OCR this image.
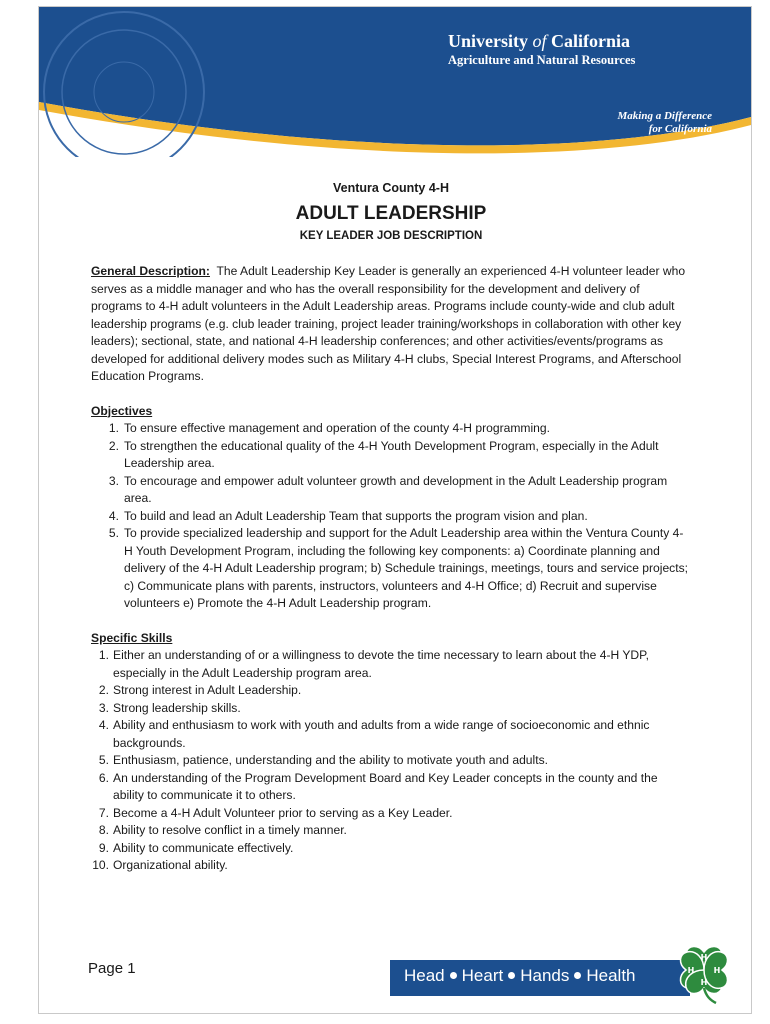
University of California
Agriculture and Natural Resources
Making a Difference
for California
Ventura County 4-H
ADULT LEADERSHIP
KEY LEADER JOB DESCRIPTION
General Description: The Adult Leadership Key Leader is generally an experienced 4-H volunteer leader who serves as a middle manager and who has the overall responsibility for the development and delivery of programs to 4-H adult volunteers in the Adult Leadership areas. Programs include county-wide and club adult leadership programs (e.g. club leader training, project leader training/workshops in collaboration with other key leaders); sectional, state, and national 4-H leadership conferences; and other activities/events/programs as developed for additional delivery modes such as Military 4-H clubs, Special Interest Programs, and Afterschool Education Programs.
Objectives
1. To ensure effective management and operation of the county 4-H programming.
2. To strengthen the educational quality of the 4-H Youth Development Program, especially in the Adult Leadership area.
3. To encourage and empower adult volunteer growth and development in the Adult Leadership program area.
4. To build and lead an Adult Leadership Team that supports the program vision and plan.
5. To provide specialized leadership and support for the Adult Leadership area within the Ventura County 4-H Youth Development Program, including the following key components: a) Coordinate planning and delivery of the 4-H Adult Leadership program; b) Schedule trainings, meetings, tours and service projects; c) Communicate plans with parents, instructors, volunteers and 4-H Office; d) Recruit and supervise volunteers e) Promote the 4-H Adult Leadership program.
Specific Skills
1. Either an understanding of or a willingness to devote the time necessary to learn about the 4-H YDP, especially in the Adult Leadership program area.
2. Strong interest in Adult Leadership.
3. Strong leadership skills.
4. Ability and enthusiasm to work with youth and adults from a wide range of socioeconomic and ethnic backgrounds.
5. Enthusiasm, patience, understanding and the ability to motivate youth and adults.
6. An understanding of the Program Development Board and Key Leader concepts in the county and the ability to communicate it to others.
7. Become a 4-H Adult Volunteer prior to serving as a Key Leader.
8. Ability to resolve conflict in a timely manner.
9. Ability to communicate effectively.
10. Organizational ability.
Page 1	Head Heart Hands Health
H
H H
H
